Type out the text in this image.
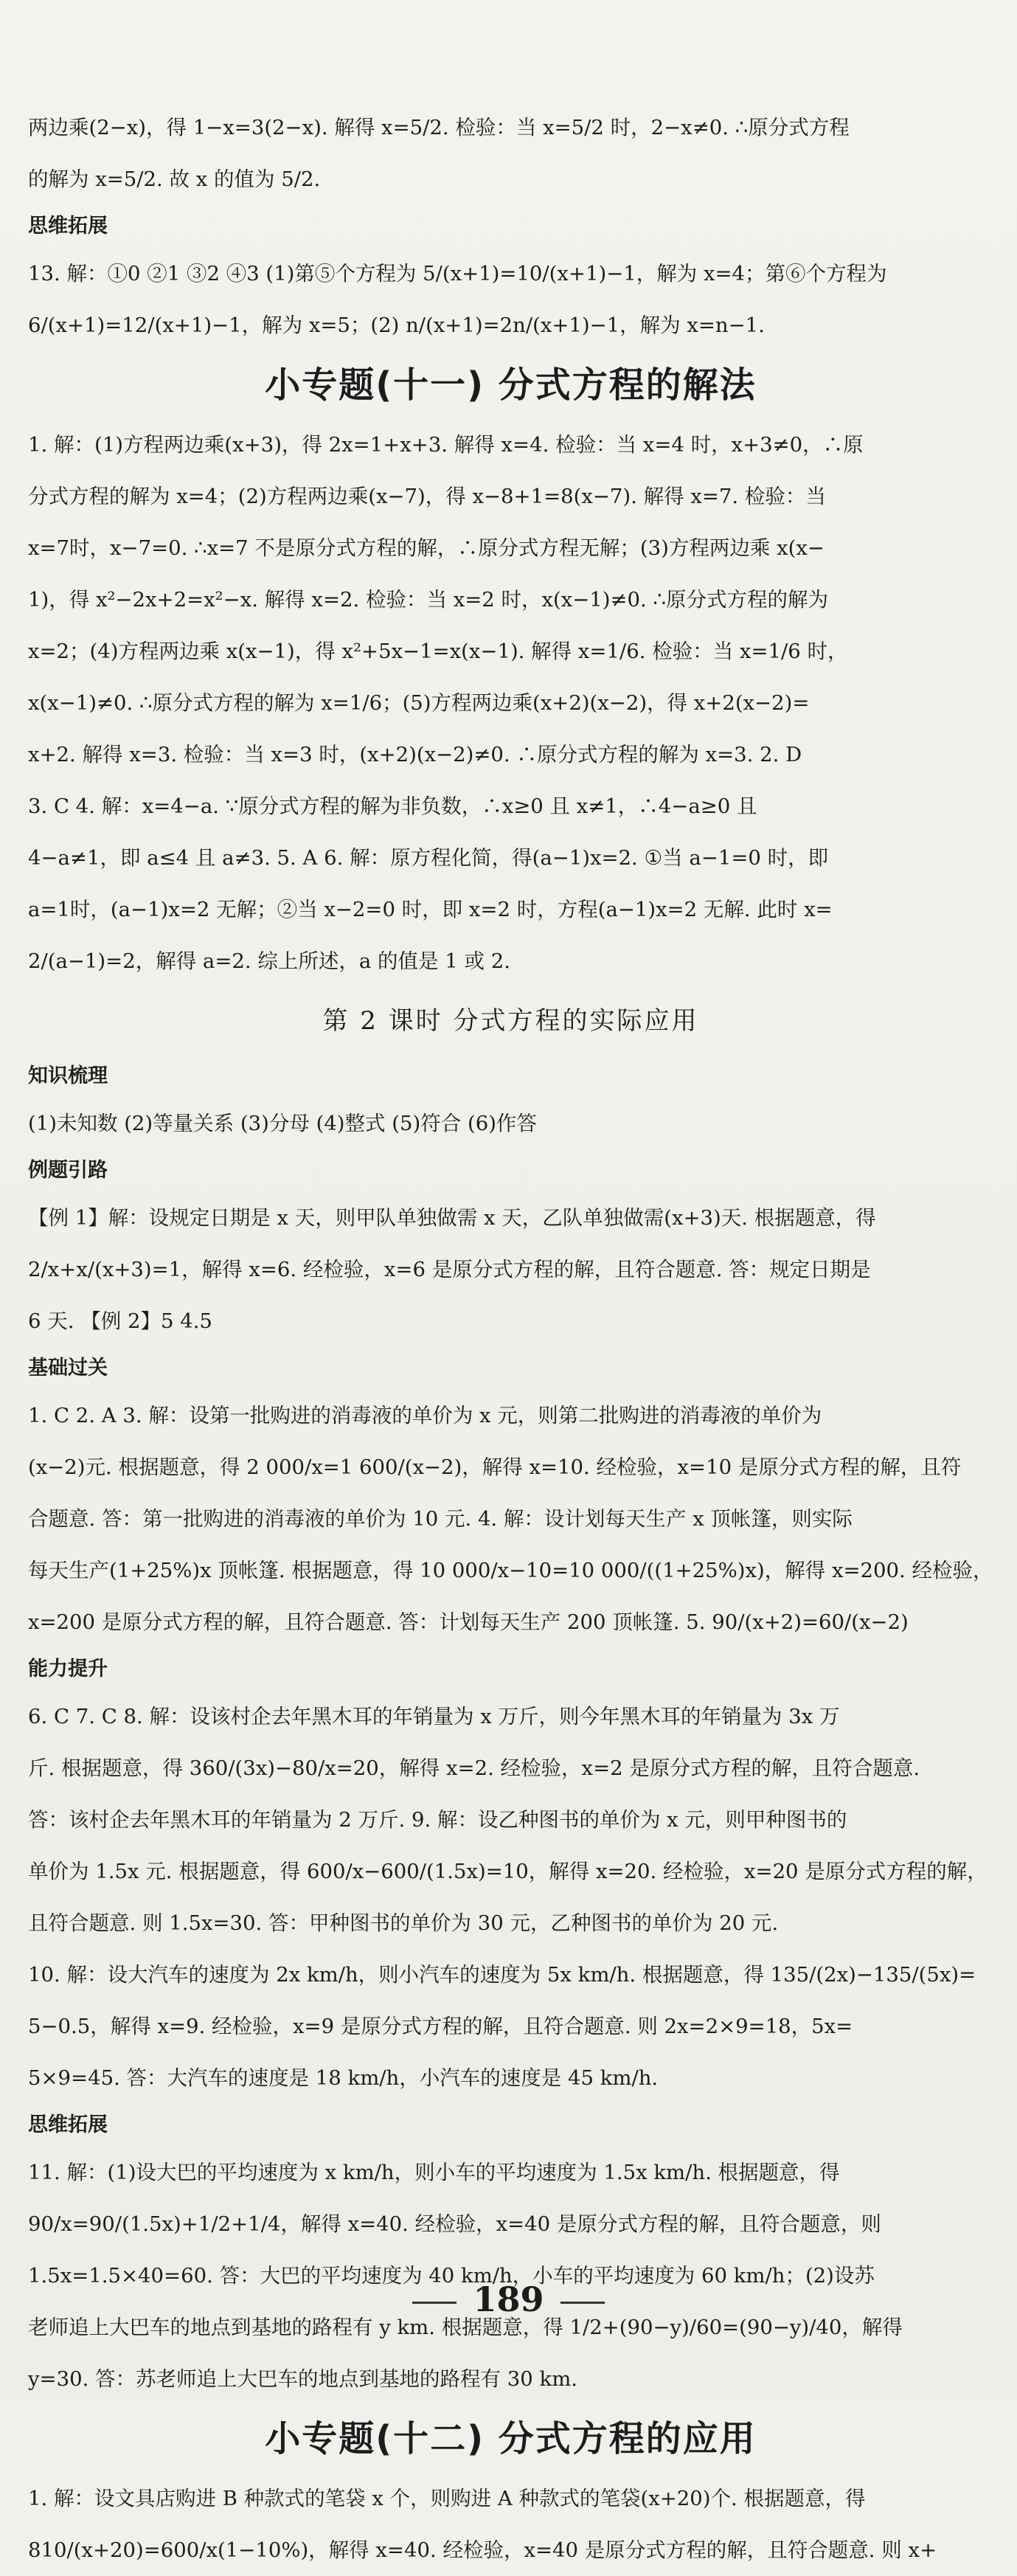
两边乘(2−x)，得 1−x=3(2−x). 解得 x=5/2. 检验：当 x=5/2 时，2−x≠0. ∴原分式方程
的解为 x=5/2. 故 x 的值为 5/2.
思维拓展
13. 解：①0 ②1 ③2 ④3 (1)第⑤个方程为 5/(x+1)=10/(x+1)−1，解为 x=4；第⑥个方程为
6/(x+1)=12/(x+1)−1，解为 x=5；(2) n/(x+1)=2n/(x+1)−1，解为 x=n−1.
小专题(十一) 分式方程的解法
1. 解：(1)方程两边乘(x+3)，得 2x=1+x+3. 解得 x=4. 检验：当 x=4 时，x+3≠0，∴原
分式方程的解为 x=4；(2)方程两边乘(x−7)，得 x−8+1=8(x−7). 解得 x=7. 检验：当
x=7时，x−7=0. ∴x=7 不是原分式方程的解，∴原分式方程无解；(3)方程两边乘 x(x−
1)，得 x²−2x+2=x²−x. 解得 x=2. 检验：当 x=2 时，x(x−1)≠0. ∴原分式方程的解为
x=2；(4)方程两边乘 x(x−1)，得 x²+5x−1=x(x−1). 解得 x=1/6. 检验：当 x=1/6 时，
x(x−1)≠0. ∴原分式方程的解为 x=1/6；(5)方程两边乘(x+2)(x−2)，得 x+2(x−2)=
x+2. 解得 x=3. 检验：当 x=3 时，(x+2)(x−2)≠0. ∴原分式方程的解为 x=3. 2. D
3. C 4. 解：x=4−a. ∵原分式方程的解为非负数，∴x≥0 且 x≠1，∴4−a≥0 且
4−a≠1，即 a≤4 且 a≠3. 5. A 6. 解：原方程化简，得(a−1)x=2. ①当 a−1=0 时，即
a=1时，(a−1)x=2 无解；②当 x−2=0 时，即 x=2 时，方程(a−1)x=2 无解. 此时 x=
2/(a−1)=2，解得 a=2. 综上所述，a 的值是 1 或 2.
第 2 课时 分式方程的实际应用
知识梳理
(1)未知数 (2)等量关系 (3)分母 (4)整式 (5)符合 (6)作答
例题引路
【例 1】解：设规定日期是 x 天，则甲队单独做需 x 天，乙队单独做需(x+3)天. 根据题意，得
2/x+x/(x+3)=1，解得 x=6. 经检验，x=6 是原分式方程的解，且符合题意. 答：规定日期是
6 天. 【例 2】5 4.5
基础过关
1. C 2. A 3. 解：设第一批购进的消毒液的单价为 x 元，则第二批购进的消毒液的单价为
(x−2)元. 根据题意，得 2 000/x=1 600/(x−2)，解得 x=10. 经检验，x=10 是原分式方程的解，且符
合题意. 答：第一批购进的消毒液的单价为 10 元. 4. 解：设计划每天生产 x 顶帐篷，则实际
每天生产(1+25%)x 顶帐篷. 根据题意，得 10 000/x−10=10 000/((1+25%)x)，解得 x=200. 经检验，
x=200 是原分式方程的解，且符合题意. 答：计划每天生产 200 顶帐篷. 5. 90/(x+2)=60/(x−2)
能力提升
6. C 7. C 8. 解：设该村企去年黑木耳的年销量为 x 万斤，则今年黑木耳的年销量为 3x 万
斤. 根据题意，得 360/(3x)−80/x=20，解得 x=2. 经检验，x=2 是原分式方程的解，且符合题意.
答：该村企去年黑木耳的年销量为 2 万斤. 9. 解：设乙种图书的单价为 x 元，则甲种图书的
单价为 1.5x 元. 根据题意，得 600/x−600/(1.5x)=10，解得 x=20. 经检验，x=20 是原分式方程的解，
且符合题意. 则 1.5x=30. 答：甲种图书的单价为 30 元，乙种图书的单价为 20 元.
10. 解：设大汽车的速度为 2x km/h，则小汽车的速度为 5x km/h. 根据题意，得 135/(2x)−135/(5x)=
5−0.5，解得 x=9. 经检验，x=9 是原分式方程的解，且符合题意. 则 2x=2×9=18，5x=
5×9=45. 答：大汽车的速度是 18 km/h，小汽车的速度是 45 km/h.
思维拓展
11. 解：(1)设大巴的平均速度为 x km/h，则小车的平均速度为 1.5x km/h. 根据题意，得
90/x=90/(1.5x)+1/2+1/4，解得 x=40. 经检验，x=40 是原分式方程的解，且符合题意，则
1.5x=1.5×40=60. 答：大巴的平均速度为 40 km/h，小车的平均速度为 60 km/h；(2)设苏
老师追上大巴车的地点到基地的路程有 y km. 根据题意，得 1/2+(90−y)/60=(90−y)/40，解得
y=30. 答：苏老师追上大巴车的地点到基地的路程有 30 km.
小专题(十二) 分式方程的应用
1. 解：设文具店购进 B 种款式的笔袋 x 个，则购进 A 种款式的笔袋(x+20)个. 根据题意，得
810/(x+20)=600/x(1−10%)，解得 x=40. 经检验，x=40 是原分式方程的解，且符合题意. 则 x+
189
